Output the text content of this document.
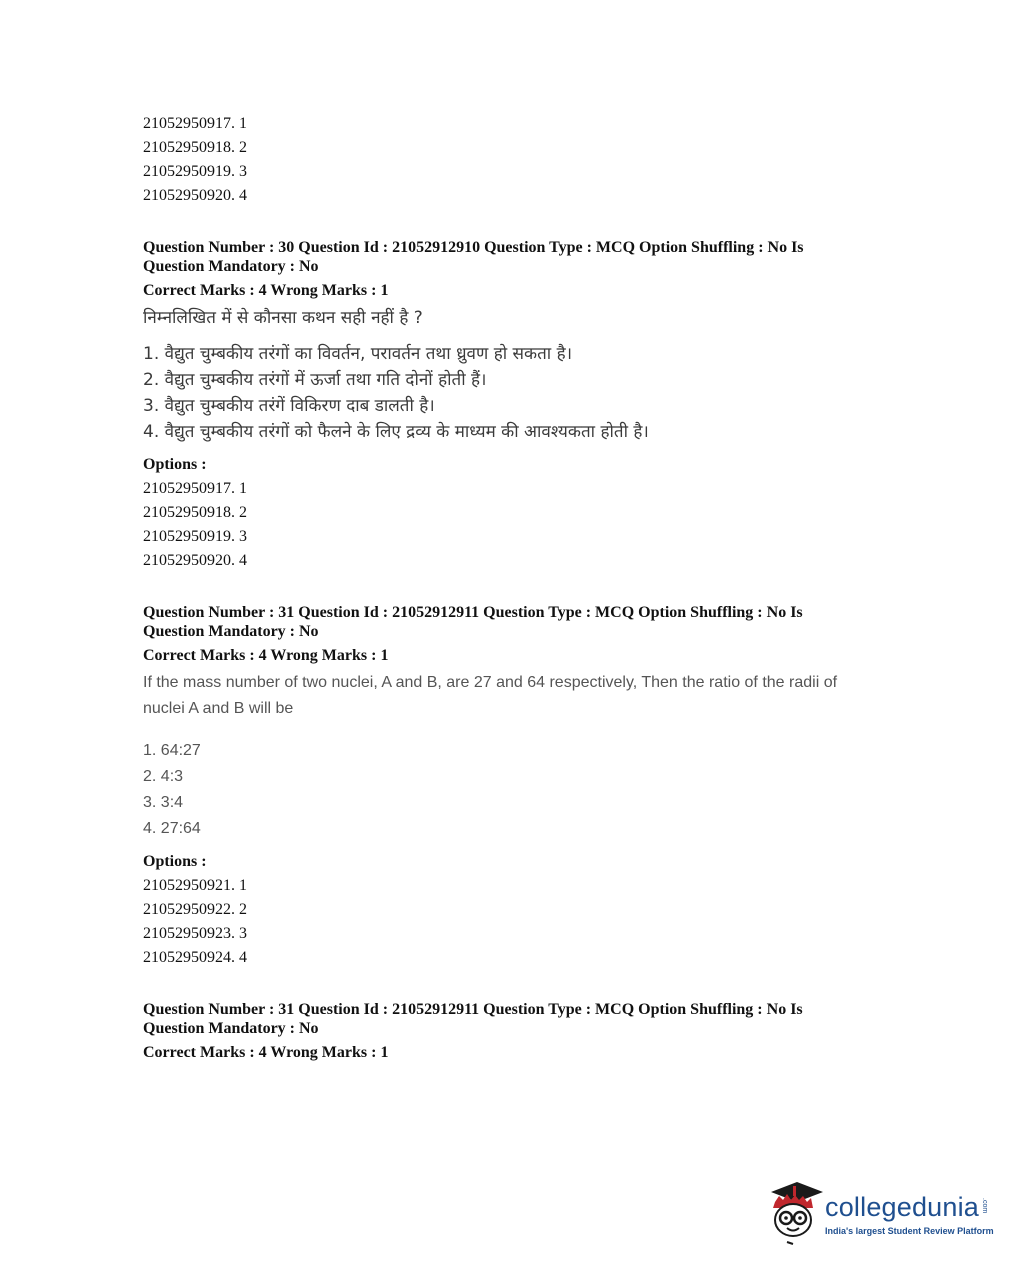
21052950917. 1
21052950918. 2
21052950919. 3
21052950920. 4
Question Number : 30 Question Id : 21052912910 Question Type : MCQ Option Shuffling : No Is
Question Mandatory : No
Correct Marks : 4 Wrong Marks : 1
निम्नलिखित में से कौनसा कथन सही नहीं है ?
1. वैद्युत चुम्बकीय तरंगों का विवर्तन, परावर्तन तथा ध्रुवण हो सकता है।
2. वैद्युत चुम्बकीय तरंगों में ऊर्जा तथा गति दोनों होती हैं।
3. वैद्युत चुम्बकीय तरंगें विकिरण दाब डालती है।
4. वैद्युत चुम्बकीय तरंगों को फैलने के लिए द्रव्य के माध्यम की आवश्यकता होती है।
Options :
21052950917. 1
21052950918. 2
21052950919. 3
21052950920. 4
Question Number : 31 Question Id : 21052912911 Question Type : MCQ Option Shuffling : No Is
Question Mandatory : No
Correct Marks : 4 Wrong Marks : 1
If the mass number of two nuclei, A and B, are 27 and 64 respectively, Then the ratio of the radii of nuclei A and B will be
1. 64:27
2. 4:3
3. 3:4
4. 27:64
Options :
21052950921. 1
21052950922. 2
21052950923. 3
21052950924. 4
Question Number : 31 Question Id : 21052912911 Question Type : MCQ Option Shuffling : No Is
Question Mandatory : No
Correct Marks : 4 Wrong Marks : 1
collegedunia .com
India's largest Student Review Platform
